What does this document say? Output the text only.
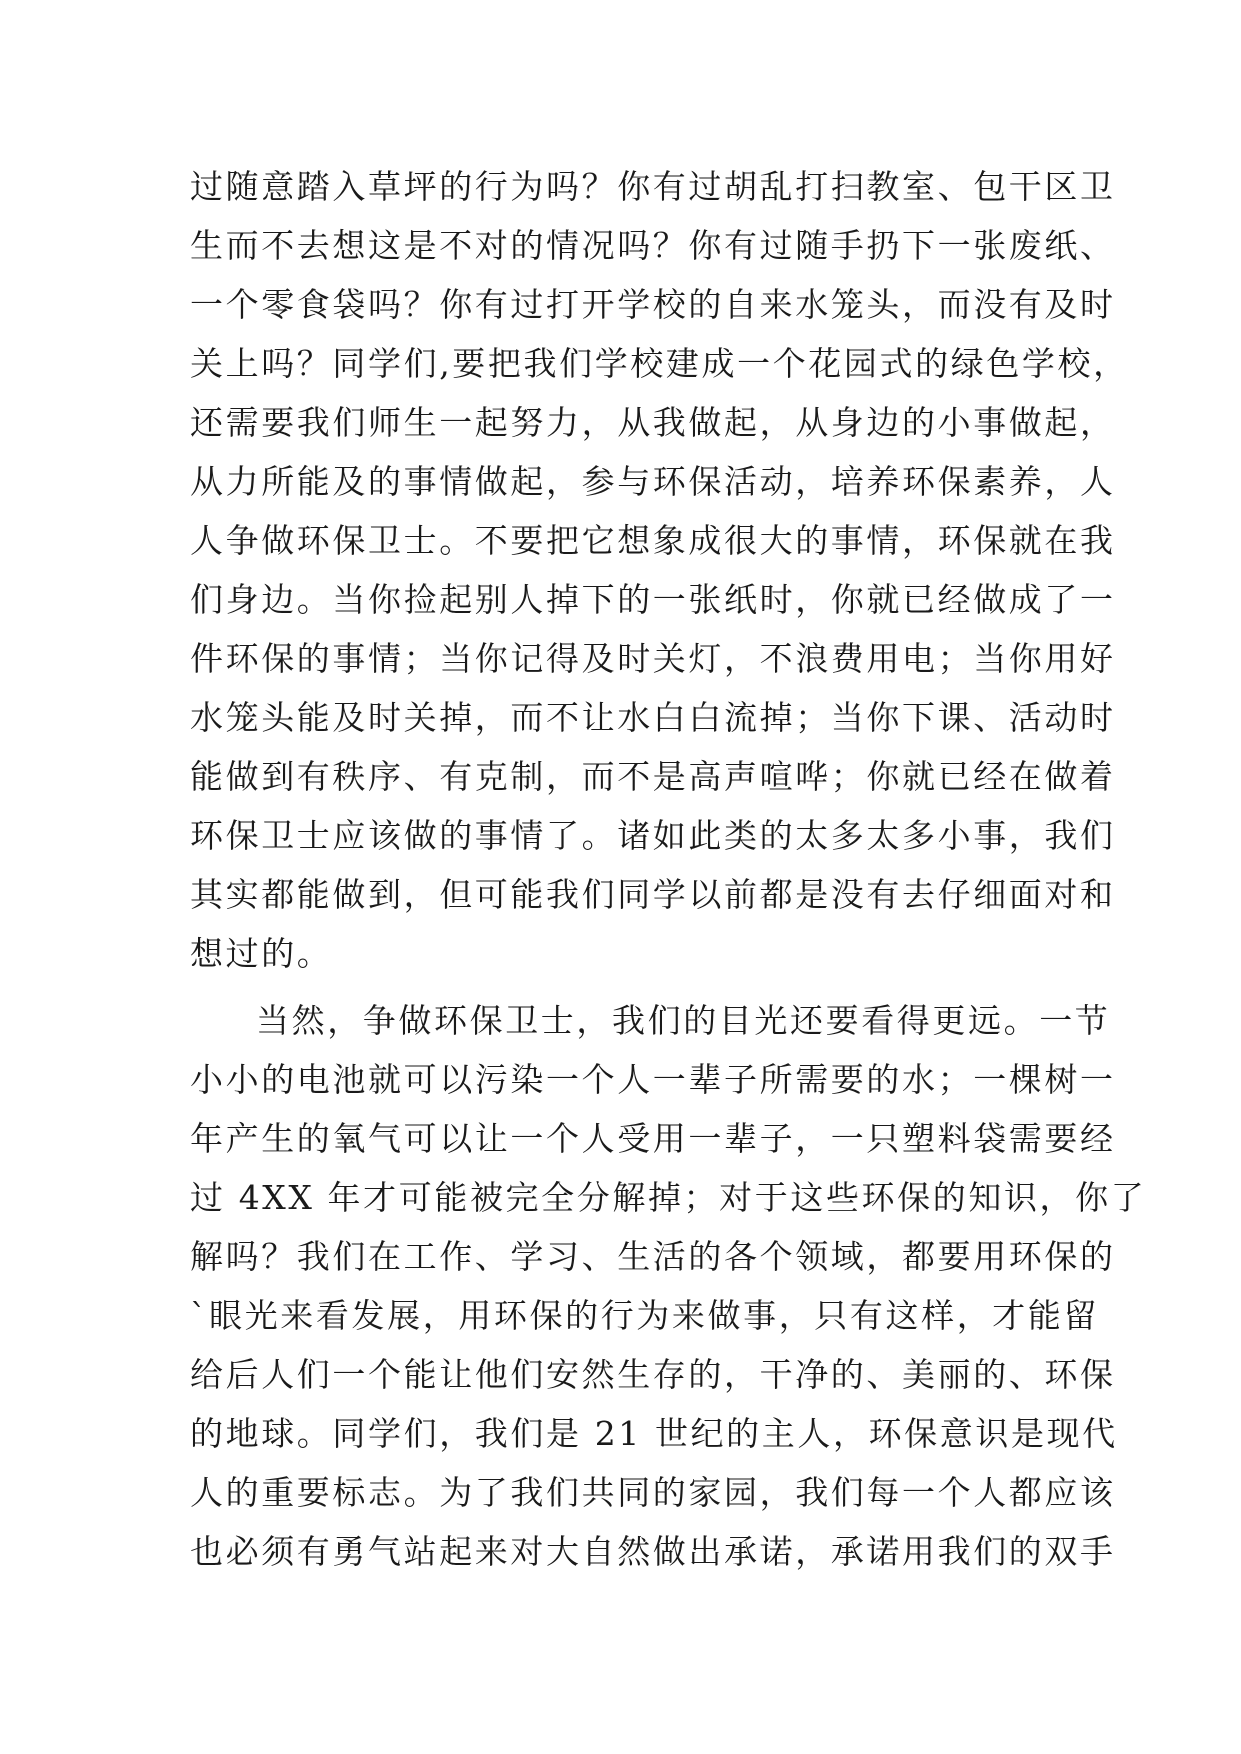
过随意踏入草坪的行为吗？你有过胡乱打扫教室、包干区卫
生而不去想这是不对的情况吗？你有过随手扔下一张废纸、
一个零食袋吗？你有过打开学校的自来水笼头，而没有及时
关上吗？同学们,要把我们学校建成一个花园式的绿色学校，
还需要我们师生一起努力，从我做起，从身边的小事做起，
从力所能及的事情做起，参与环保活动，培养环保素养，人
人争做环保卫士。不要把它想象成很大的事情，环保就在我
们身边。当你捡起别人掉下的一张纸时，你就已经做成了一
件环保的事情；当你记得及时关灯，不浪费用电；当你用好
水笼头能及时关掉，而不让水白白流掉；当你下课、活动时
能做到有秩序、有克制，而不是高声喧哗；你就已经在做着
环保卫士应该做的事情了。诸如此类的太多太多小事，我们
其实都能做到，但可能我们同学以前都是没有去仔细面对和
想过的。
当然，争做环保卫士，我们的目光还要看得更远。一节
小小的电池就可以污染一个人一辈子所需要的水；一棵树一
年产生的氧气可以让一个人受用一辈子，一只塑料袋需要经
过 4XX 年才可能被完全分解掉；对于这些环保的知识，你了
解吗？我们在工作、学习、生活的各个领域，都要用环保的
`眼光来看发展，用环保的行为来做事，只有这样，才能留
给后人们一个能让他们安然生存的，干净的、美丽的、环保
的地球。同学们，我们是 21 世纪的主人，环保意识是现代
人的重要标志。为了我们共同的家园，我们每一个人都应该
也必须有勇气站起来对大自然做出承诺，承诺用我们的双手
